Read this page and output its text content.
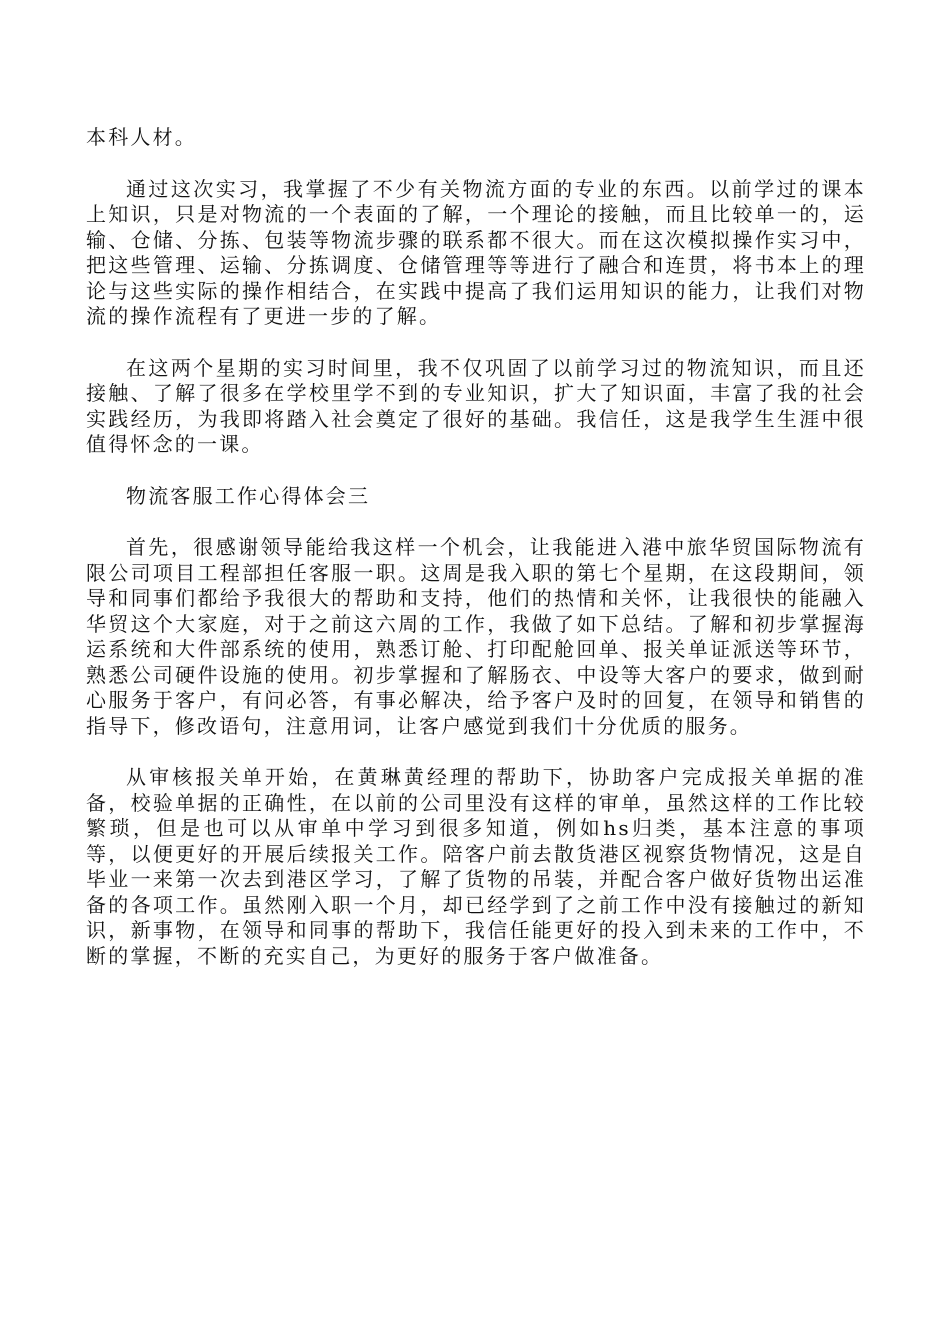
本科人材。

通过这次实习，我掌握了不少有关物流方面的专业的东西。以前学过的课本上知识，只是对物流的一个表面的了解，一个理论的接触，而且比较单一的，运输、仓储、分拣、包装等物流步骤的联系都不很大。而在这次模拟操作实习中，把这些管理、运输、分拣调度、仓储管理等等进行了融合和连贯，将书本上的理论与这些实际的操作相结合，在实践中提高了我们运用知识的能力，让我们对物流的操作流程有了更进一步的了解。

在这两个星期的实习时间里，我不仅巩固了以前学习过的物流知识，而且还接触、了解了很多在学校里学不到的专业知识，扩大了知识面，丰富了我的社会实践经历，为我即将踏入社会奠定了很好的基础。我信任，这是我学生生涯中很值得怀念的一课。

物流客服工作心得体会三

首先，很感谢领导能给我这样一个机会，让我能进入港中旅华贸国际物流有限公司项目工程部担任客服一职。这周是我入职的第七个星期，在这段期间，领导和同事们都给予我很大的帮助和支持，他们的热情和关怀，让我很快的能融入华贸这个大家庭，对于之前这六周的工作，我做了如下总结。了解和初步掌握海运系统和大件部系统的使用，熟悉订舱、打印配舱回单、报关单证派送等环节，熟悉公司硬件设施的使用。初步掌握和了解肠衣、中设等大客户的要求，做到耐心服务于客户，有问必答，有事必解决，给予客户及时的回复，在领导和销售的指导下，修改语句，注意用词，让客户感觉到我们十分优质的服务。

从审核报关单开始，在黄琳黄经理的帮助下，协助客户完成报关单据的准备，校验单据的正确性，在以前的公司里没有这样的审单，虽然这样的工作比较繁琐，但是也可以从审单中学习到很多知道，例如hs归类，基本注意的事项等，以便更好的开展后续报关工作。陪客户前去散货港区视察货物情况，这是自毕业一来第一次去到港区学习，了解了货物的吊装，并配合客户做好货物出运准备的各项工作。虽然刚入职一个月，却已经学到了之前工作中没有接触过的新知识，新事物，在领导和同事的帮助下，我信任能更好的投入到未来的工作中，不断的掌握，不断的充实自己，为更好的服务于客户做准备。
